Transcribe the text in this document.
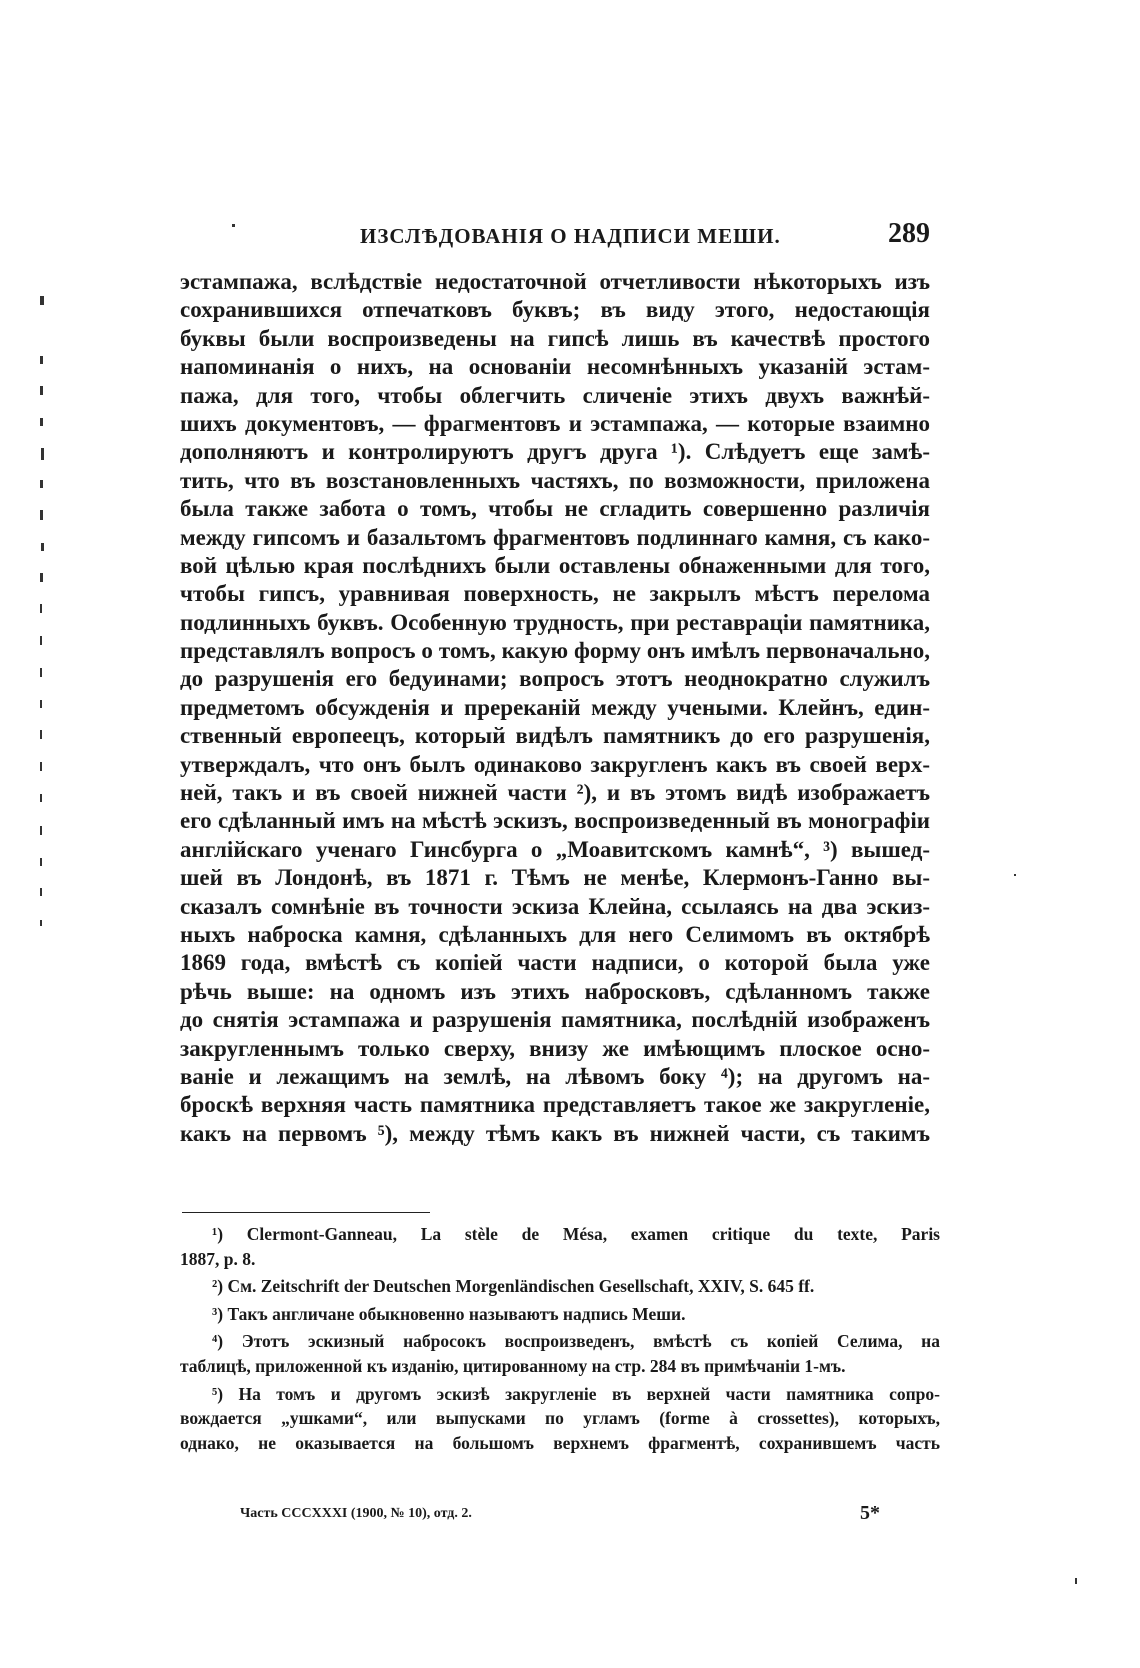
ИЗСЛѢДОВАНІЯ О НАДПИСИ МЕШИ.	289
эстампажа, вслѣдствіе недостаточной отчетливости нѣкоторыхъ изъ
сохранившихся отпечатковъ буквъ; въ виду этого, недостающія
буквы были воспроизведены на гипсѣ лишь въ качествѣ простого
напоминанія о нихъ, на основаніи несомнѣнныхъ указаній эстам-
пажа, для того, чтобы облегчить сличеніе этихъ двухъ важнѣй-
шихъ документовъ, — фрагментовъ и эстампажа, — которые взаимно
дополняютъ и контролируютъ другъ друга ¹). Слѣдуетъ еще замѣ-
тить, что въ возстановленныхъ частяхъ, по возможности, приложена
была также забота о томъ, чтобы не сгладить совершенно различія
между гипсомъ и базальтомъ фрагментовъ подлиннаго камня, съ како-
вой цѣлью края послѣднихъ были оставлены обнаженными для того,
чтобы гипсъ, уравнивая поверхность, не закрылъ мѣстъ перелома
подлинныхъ буквъ. Особенную трудность, при реставраціи памятника,
представлялъ вопросъ о томъ, какую форму онъ имѣлъ первоначально,
до разрушенія его бедуинами; вопросъ этотъ неоднократно служилъ
предметомъ обсужденія и пререканій между учеными. Клейнъ, един-
ственный европеецъ, который видѣлъ памятникъ до его разрушенія,
утверждалъ, что онъ былъ одинаково закругленъ какъ въ своей верх-
ней, такъ и въ своей нижней части ²), и въ этомъ видѣ изображаетъ
его сдѣланный имъ на мѣстѣ эскизъ, воспроизведенный въ монографіи
англійскаго ученаго Гинсбурга о „Моавитскомъ камнѣ“, ³) вышед-
шей въ Лондонѣ, въ 1871 г. Тѣмъ не менѣе, Клермонъ-Ганно вы-
сказалъ сомнѣніе въ точности эскиза Клейна, ссылаясь на два эскиз-
ныхъ наброска камня, сдѣланныхъ для него Селимомъ въ октябрѣ
1869 года, вмѣстѣ съ копіей части надписи, о которой была уже
рѣчь выше: на одномъ изъ этихъ набросковъ, сдѣланномъ также
до снятія эстампажа и разрушенія памятника, послѣдній изображенъ
закругленнымъ только сверху, внизу же имѣющимъ плоское осно-
ваніе и лежащимъ на землѣ, на лѣвомъ боку ⁴); на другомъ на-
броскѣ верхняя часть памятника представляетъ такое же закругленіе,
какъ на первомъ ⁵), между тѣмъ какъ въ нижней части, съ такимъ
¹) Clermont-Ganneau, La stèle de Mésa, examen critique du texte, Paris
1887, p. 8.
²) См. Zeitschrift der Deutschen Morgenländischen Gesellschaft, XXIV, S. 645 ff.
³) Такъ англичане обыкновенно называютъ надпись Меши.
⁴) Этотъ эскизный набросокъ воспроизведенъ, вмѣстѣ съ копіей Селима, на
таблицѣ, приложенной къ изданію, цитированному на стр. 284 въ примѣчаніи 1-мъ.
⁵) На томъ и другомъ эскизѣ закругленіе въ верхней части памятника сопро-
вождается „ушками“, или выпусками по угламъ (forme à crossettes), которыхъ,
однако, не оказывается на большомъ верхнемъ фрагментѣ, сохранившемъ часть
Часть CCCXXXI (1900, № 10), отд. 2.	5*
